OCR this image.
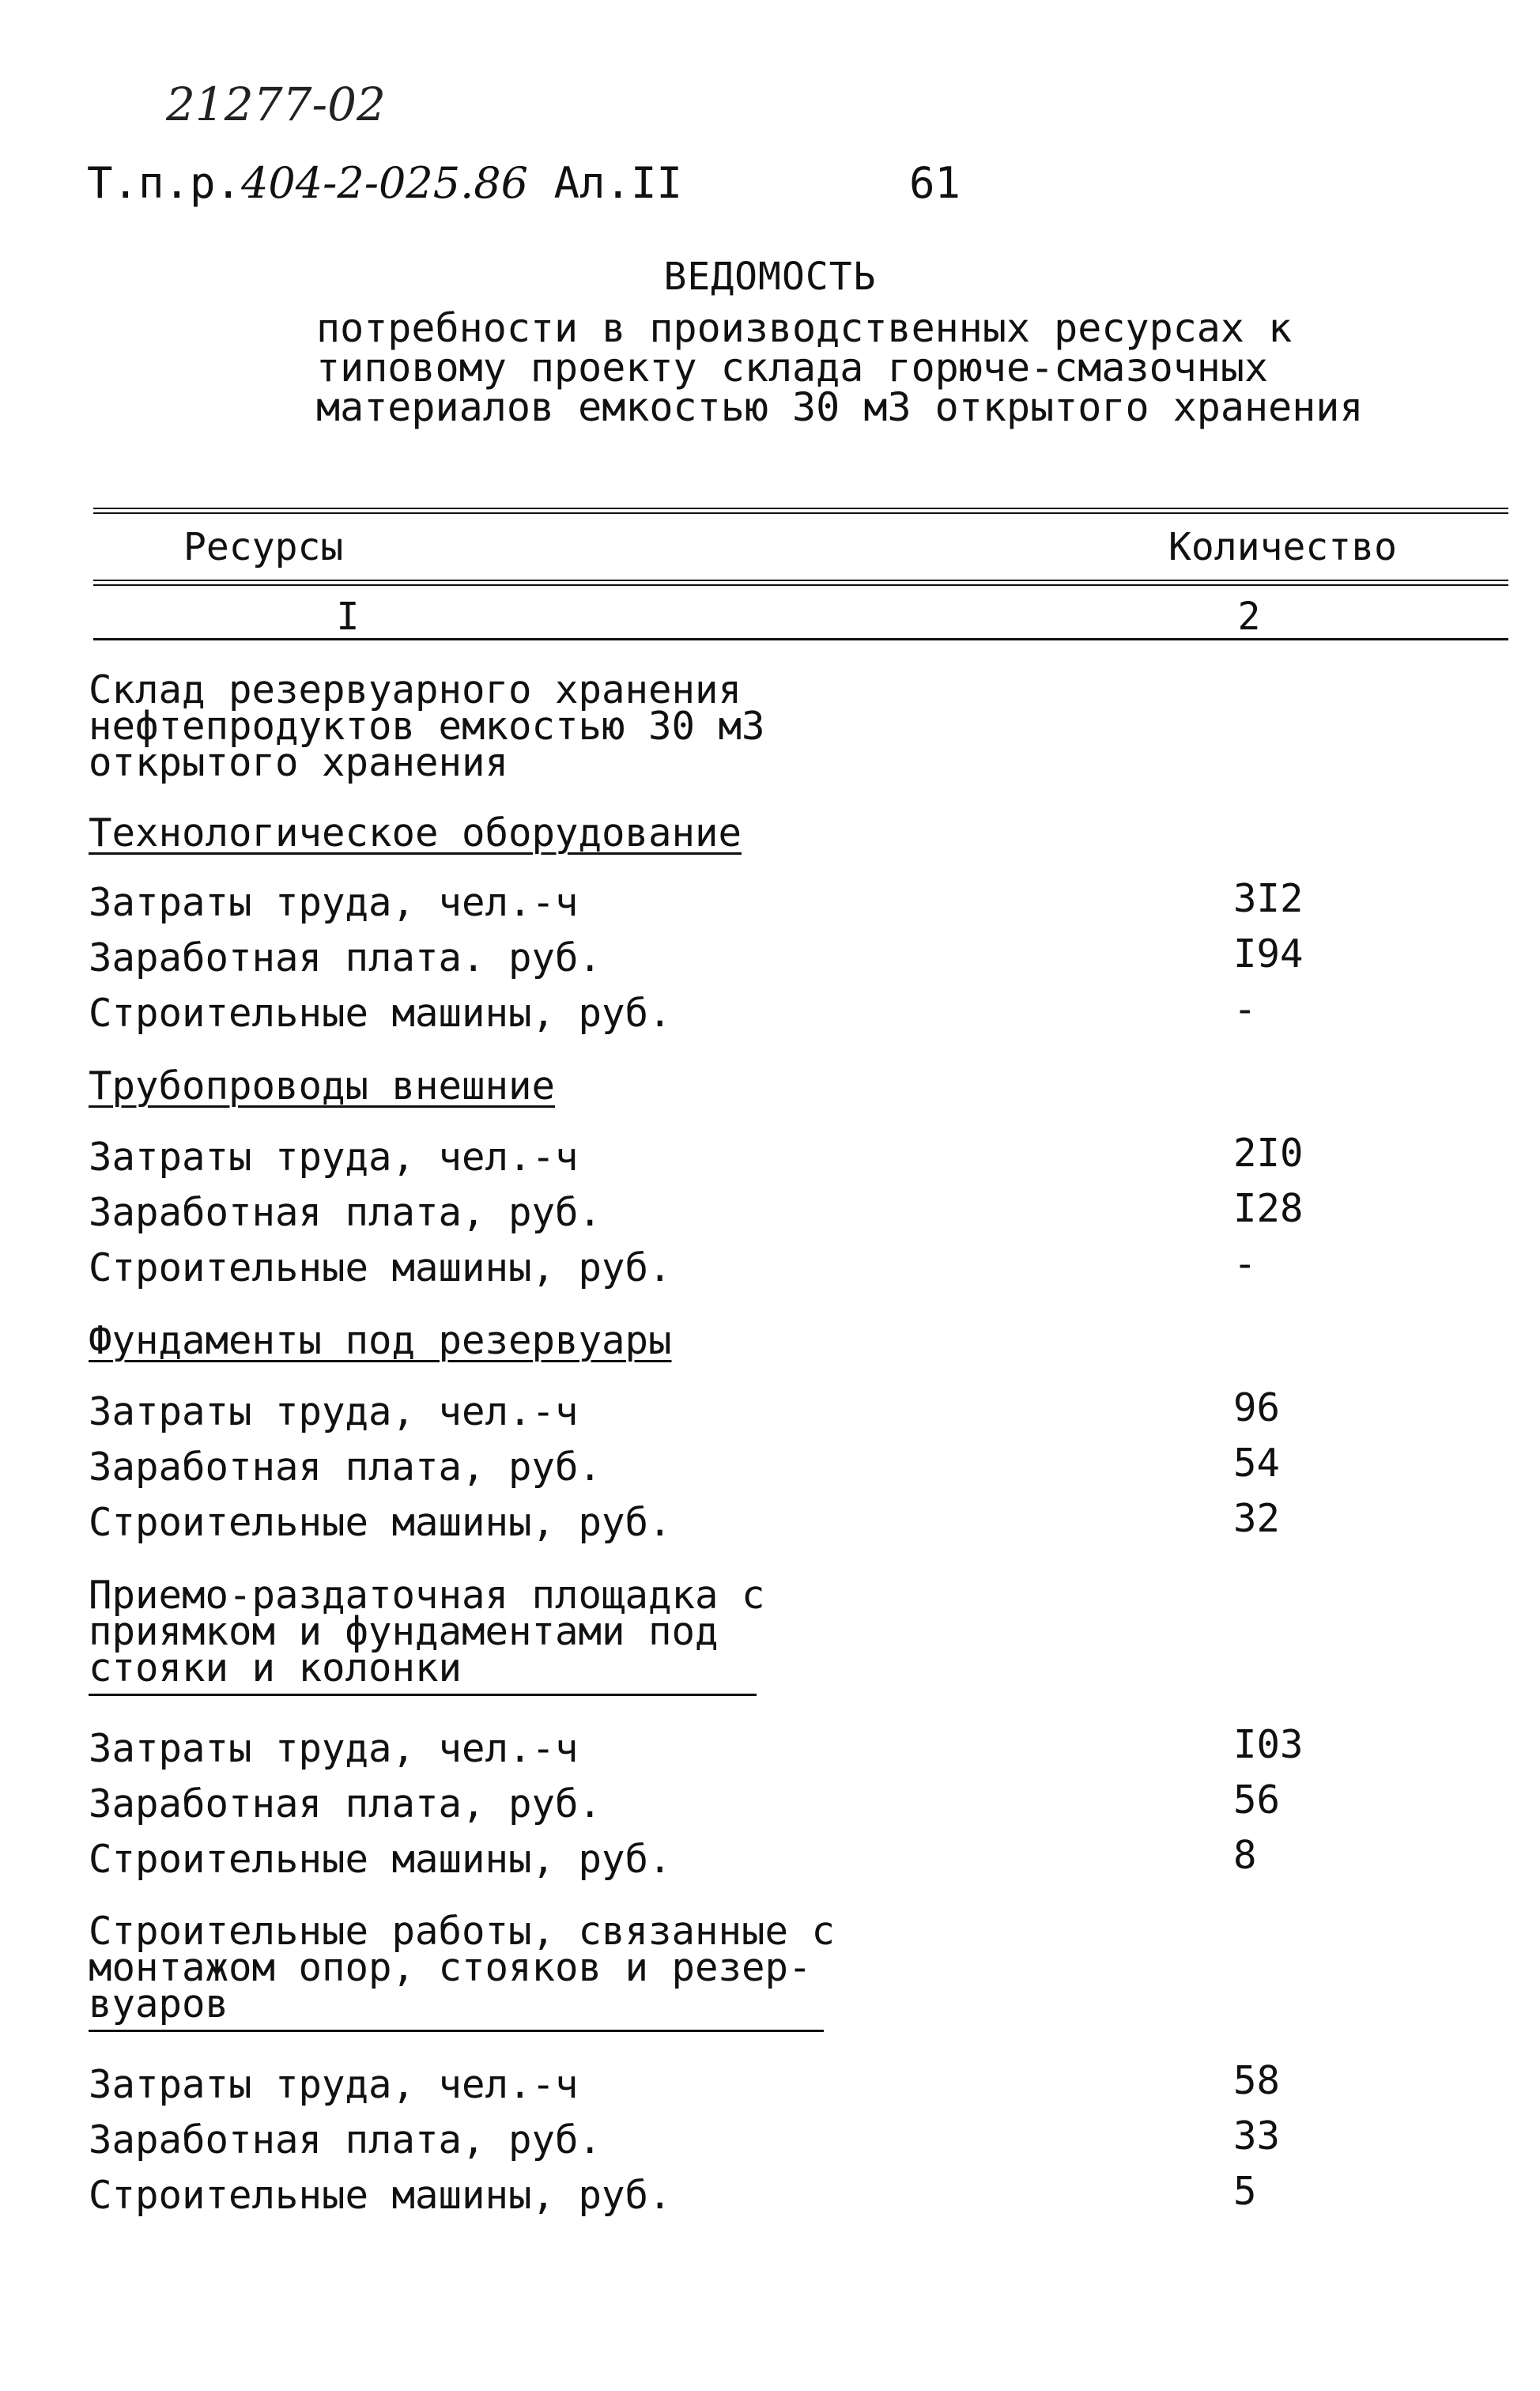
21277-02
Т.п.р.404-2-025.86 Ал.II	61
ВЕДОМОСТЬ
потребности в производственных ресурсах к
типовому проекту склада горюче-смазочных
материалов емкостью 30 м3 открытого хранения
Ресурсы	Количество
I	2
Склад резервуарного хранения
нефтепродуктов емкостью 30 м3
открытого хранения
Технологическое оборудование
Затраты труда, чел.-ч	3I2
Заработная плата. руб.	I94
Строительные машины, руб.	-
Трубопроводы внешние
Затраты труда, чел.-ч	2I0
Заработная плата, руб.	I28
Строительные машины, руб.	-
Фундаменты под резервуары
Затраты труда, чел.-ч	96
Заработная плата, руб.	54
Строительные машины, руб.	32
Приемо-раздаточная площадка с
приямком и фундаментами под
стояки и колонки
Затраты труда, чел.-ч	I03
Заработная плата, руб.	56
Строительные машины, руб.	8
Строительные работы, связанные с
монтажом опор, стояков и резер-
вуаров
Затраты труда, чел.-ч	58
Заработная плата, руб.	33
Строительные машины, руб.	5
